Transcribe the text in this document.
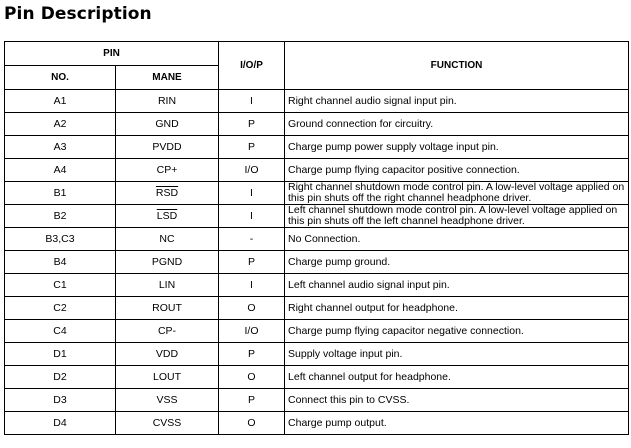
Pin Description
PIN		I/O/P	FUNCTION
NO.	MANE		
A1	RIN	I	Right channel audio signal input pin.
A2	GND	P	Ground connection for circuitry.
A3	PVDD	P	Charge pump power supply voltage input pin.
A4	CP+	I/O	Charge pump flying capacitor positive connection.
B1	$\overline{RSD}$	I	Right channel shutdown mode control pin. A low-level voltage applied on this pin shuts off the right channel headphone driver.
B2	$\overline{LSD}$	I	Left channel shutdown mode control pin. A low-level voltage applied on this pin shuts off the left channel headphone driver.
B3,C3	NC	-	No Connection.
B4	PGND	P	Charge pump ground.
C1	LIN	I	Left channel audio signal input pin.
C2	ROUT	O	Right channel output for headphone.
C4	CP-	I/O	Charge pump flying capacitor negative connection.
D1	VDD	P	Supply voltage input pin.
D2	LOUT	O	Left channel output for headphone.
D3	VSS	P	Connect this pin to CVSS.
D4	CVSS	O	Charge pump output.
